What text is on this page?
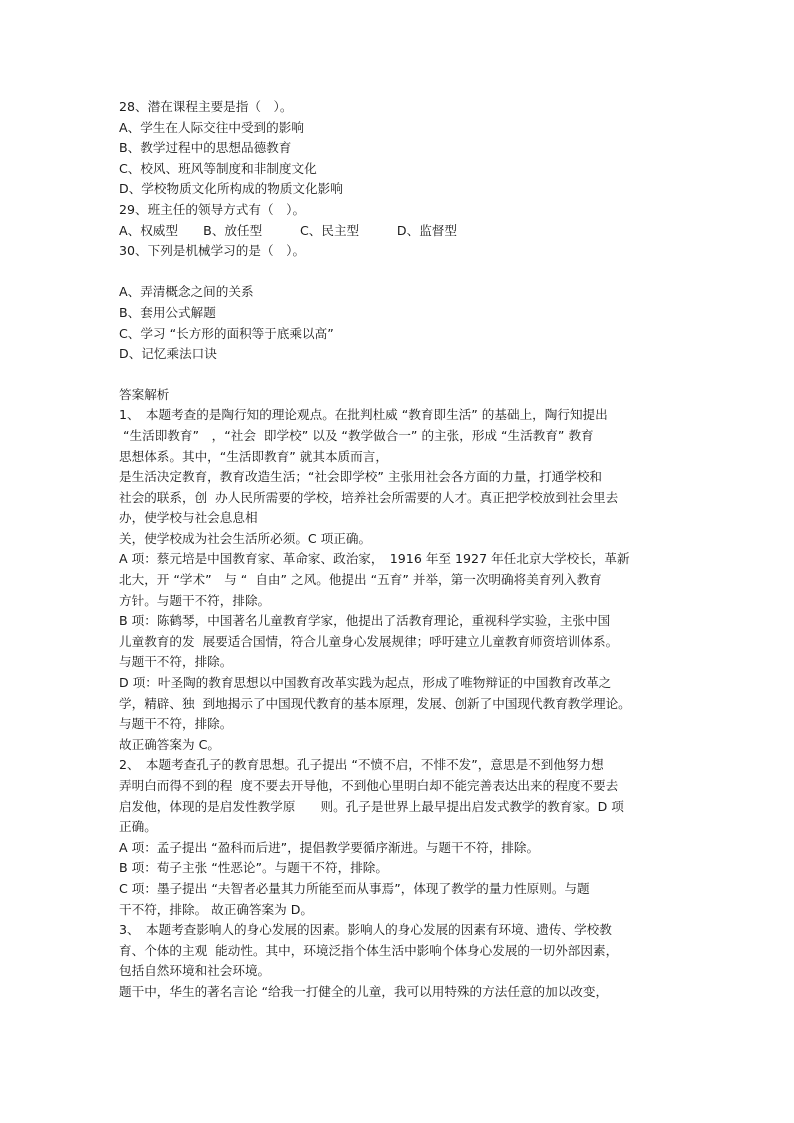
28、潜在课程主要是指（　）。
A、学生在人际交往中受到的影响
B、教学过程中的思想品德教育
C、校风、班风等制度和非制度文化
D、学校物质文化所构成的物质文化影响
29、班主任的领导方式有（　）。
A、权威型　　B、放任型　　　C、民主型　　　D、监督型
30、下列是机械学习的是（　）。
A、弄清概念之间的关系
B、套用公式解题
C、学习 “长方形的面积等于底乘以高”
D、记忆乘法口诀
答案解析
1、　本题考查的是陶行知的理论观点。在批判杜威 “教育即生活” 的基础上，陶行知提出
“生活即教育”　，“社会  即学校” 以及 “教学做合一” 的主张，形成 “生活教育” 教育
思想体系。其中，“生活即教育” 就其本质而言，
是生活决定教育，教育改造生活；“社会即学校” 主张用社会各方面的力量，打通学校和
社会的联系，创  办人民所需要的学校，培养社会所需要的人才。真正把学校放到社会里去
办，使学校与社会息息相
关，使学校成为社会生活所必须。C 项正确。
A 项：蔡元培是中国教育家、革命家、政治家，　1916 年至 1927 年任北京大学校长，革新
北大，开 “学术”　与 “  自由” 之风。他提出 “五育” 并举，第一次明确将美育列入教育
方针。与题干不符，排除。
B 项：陈鹤琴，中国著名儿童教育学家，他提出了活教育理论，重视科学实验，主张中国
儿童教育的发  展要适合国情，符合儿童身心发展规律；呼吁建立儿童教育师资培训体系。
与题干不符，排除。
D 项：叶圣陶的教育思想以中国教育改革实践为起点，形成了唯物辩证的中国教育改革之
学，精辟、独  到地揭示了中国现代教育的基本原理，发展、创新了中国现代教育教学理论。
与题干不符，排除。
故正确答案为 C。
2、　本题考查孔子的教育思想。孔子提出 “不愤不启，不悱不发”，意思是不到他努力想
弄明白而得不到的程  度不要去开导他，不到他心里明白却不能完善表达出来的程度不要去
启发他，体现的是启发性教学原　　则。孔子是世界上最早提出启发式教学的教育家。D 项
正确。
A 项：孟子提出 “盈科而后进”，提倡教学要循序渐进。与题干不符，排除。
B 项：荀子主张 “性恶论”。与题干不符，排除。
C 项：墨子提出 “夫智者必量其力所能至而从事焉”，体现了教学的量力性原则。与题
干不符，排除。 故正确答案为 D。
3、　本题考查影响人的身心发展的因素。影响人的身心发展的因素有环境、遗传、学校教
育、个体的主观  能动性。其中，环境泛指个体生活中影响个体身心发展的一切外部因素，
包括自然环境和社会环境。
题干中，华生的著名言论 “给我一打健全的儿童，我可以用特殊的方法任意的加以改变，
